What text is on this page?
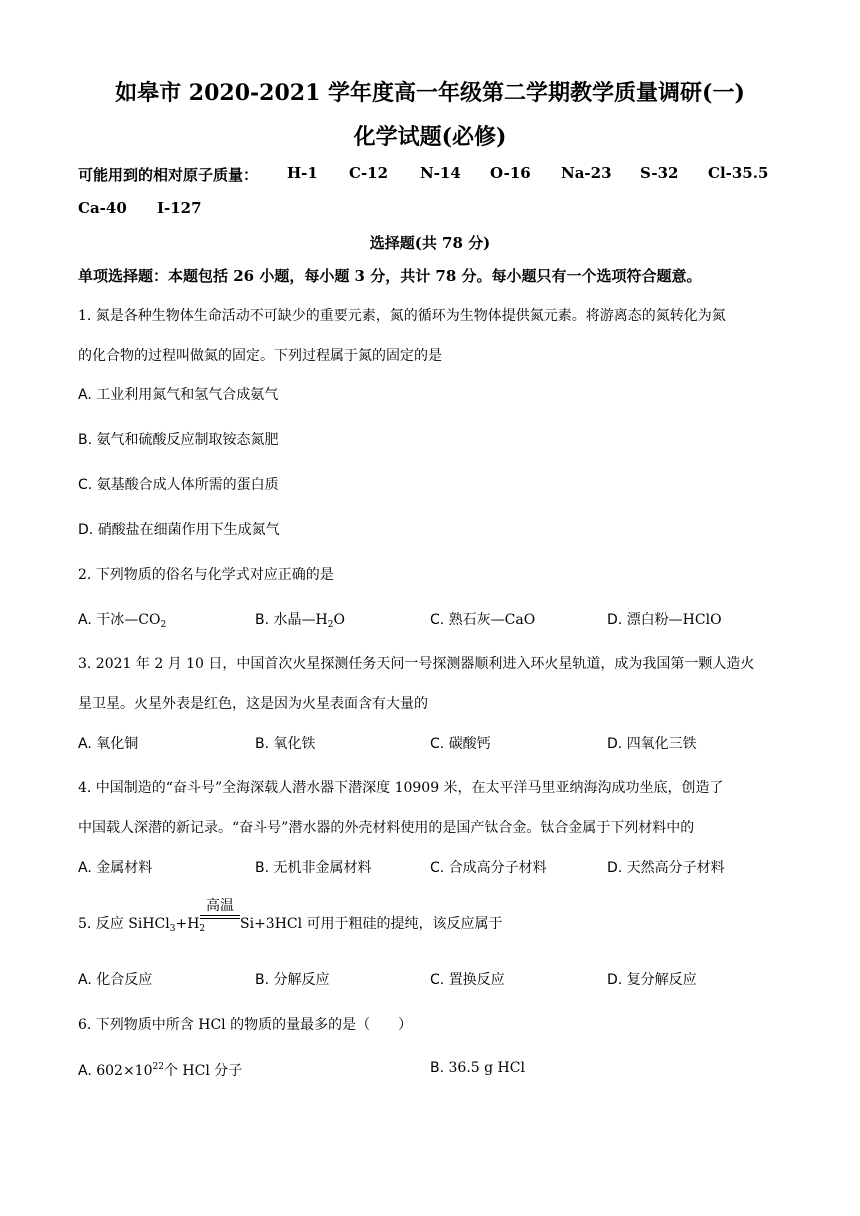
如皋市 2020-2021 学年度高一年级第二学期教学质量调研(一)
化学试题(必修)
可能用到的相对原子质量： H-1 C-12 N-14 O-16 Na-23 S-32 Cl-35.5
Ca-40 I-127
选择题(共 78 分)
单项选择题：本题包括 26 小题，每小题 3 分，共计 78 分。每小题只有一个选项符合题意。
1. 氮是各种生物体生命活动不可缺少的重要元素，氮的循环为生物体提供氮元素。将游离态的氮转化为氮
的化合物的过程叫做氮的固定。下列过程属于氮的固定的是
A. 工业利用氮气和氢气合成氨气
B. 氨气和硫酸反应制取铵态氮肥
C. 氨基酸合成人体所需的蛋白质
D. 硝酸盐在细菌作用下生成氮气
2. 下列物质的俗名与化学式对应正确的是
A. 干冰$—CO_2$	B. 水晶$—H_2O$	C. 熟石灰—CaO	D. 漂白粉—HClO
3. 2021 年 2 月 10 日，中国首次火星探测任务天问一号探测器顺利进入环火星轨道，成为我国第一颗人造火
星卫星。火星外表是红色，这是因为火星表面含有大量的
A. 氧化铜	B. 氧化铁	C. 碳酸钙	D. 四氧化三铁
4. 中国制造的“奋斗号”全海深载人潜水器下潜深度 10909 米，在太平洋马里亚纳海沟成功坐底，创造了
中国载人深潜的新记录。“奋斗号”潜水器的外壳材料使用的是国产钛合金。钛合金属于下列材料中的
A. 金属材料	B. 无机非金属材料	C. 合成高分子材料	D. 天然高分子材料
5. 反应 $SiHCl_3+H_2$
高温
Si+3HCl 可用于粗硅的提纯，该反应属于
A. 化合反应	B. 分解反应	C. 置换反应	D. 复分解反应
6. 下列物质中所含 HCl 的物质的量最多的是（　　）
A. $602\times 10^{22}$个 HCl 分子	B. 36.5 g HCl
